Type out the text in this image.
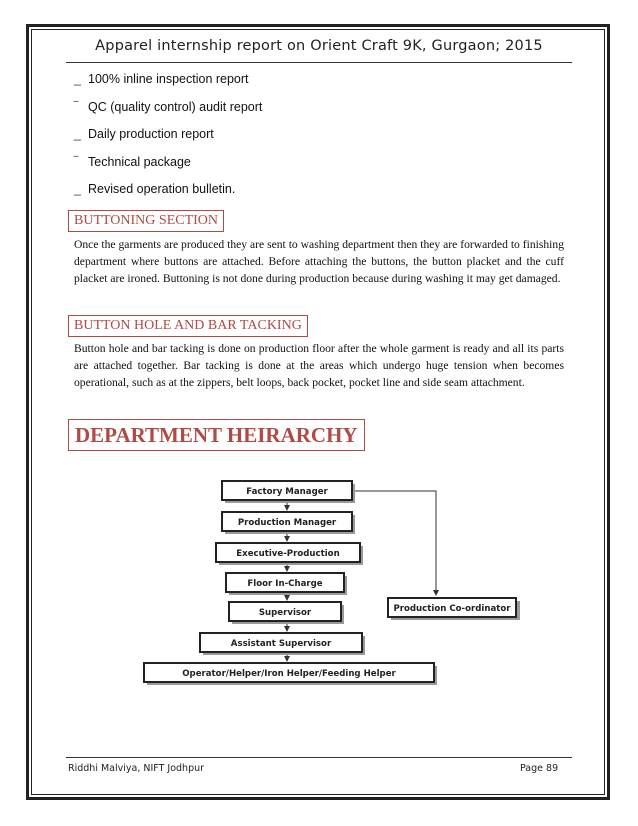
Apparel internship report on Orient Craft 9K, Gurgaon; 2015
_ 100% inline inspection report
‾ QC (quality control) audit report
_ Daily production report
‾ Technical package
_ Revised operation bulletin.
BUTTONING SECTION

Once the garments are produced they are sent to washing department then they are forwarded to finishing department where buttons are attached. Before attaching the buttons, the button placket and the cuff placket are ironed. Buttoning is not done during production because during washing it may get damaged.

BUTTON HOLE AND BAR TACKING

Button hole and bar tacking is done on production floor after the whole garment is ready and all its parts are attached together. Bar tacking is done at the areas which undergo huge tension when becomes operational, such as at the zippers, belt loops, back pocket, pocket line and side seam attachment.

DEPARTMENT HEIRARCHY
Factory Manager
Production Manager
Executive-Production
Floor In-Charge
Supervisor
Assistant Supervisor
Operator/Helper/Iron Helper/Feeding Helper
Production Co-ordinator
Riddhi Malviya, NIFT Jodhpur	Page 89
